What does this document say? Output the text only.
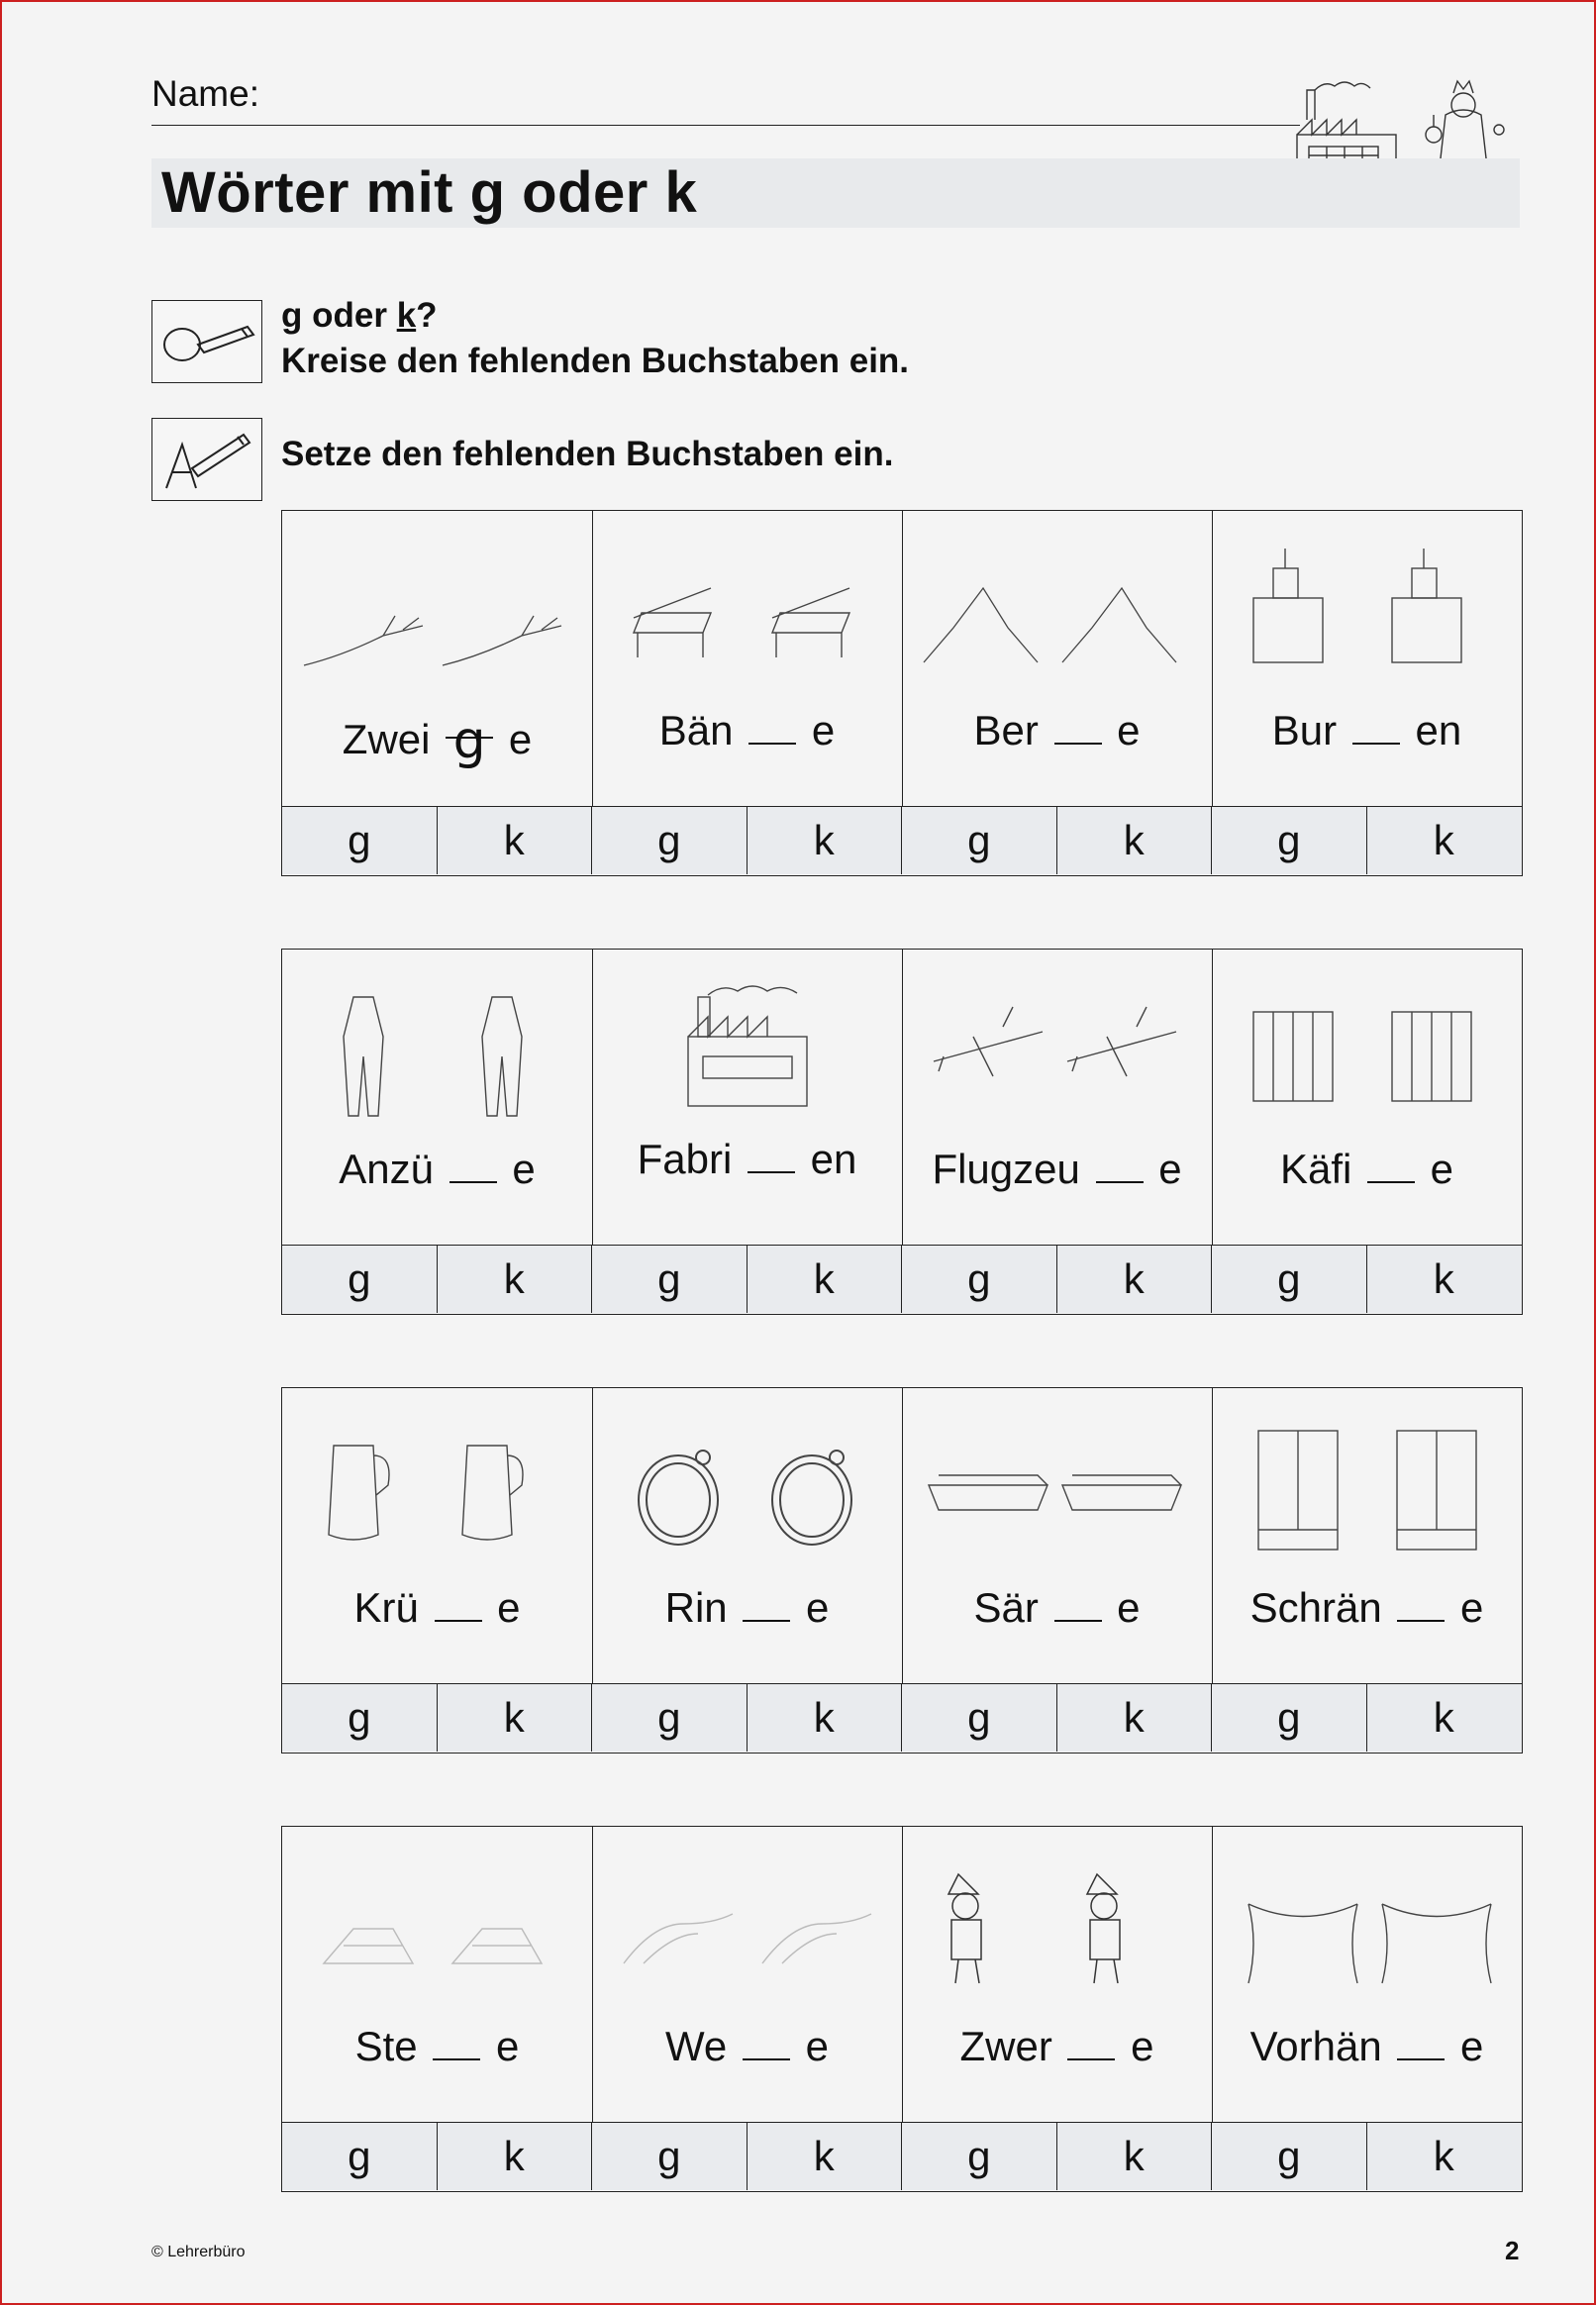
Name:
Wörter mit g oder k
g oder k?
Kreise den fehlenden Buchstaben ein.
Setze den fehlenden Buchstaben ein.
Zwei g e	Bän e	Ber e	Bur en
g	k	g	k	g	k	g	k
Anzü e	Fabri en	Flugzeu e	Käfi e
g	k	g	k	g	k	g	k
Krü e	Rin e	Sär e	Schrän e
g	k	g	k	g	k	g	k
Ste e	We e	Zwer e	Vorhän e
g	k	g	k	g	k	g	k
© Lehrerbüro	2
